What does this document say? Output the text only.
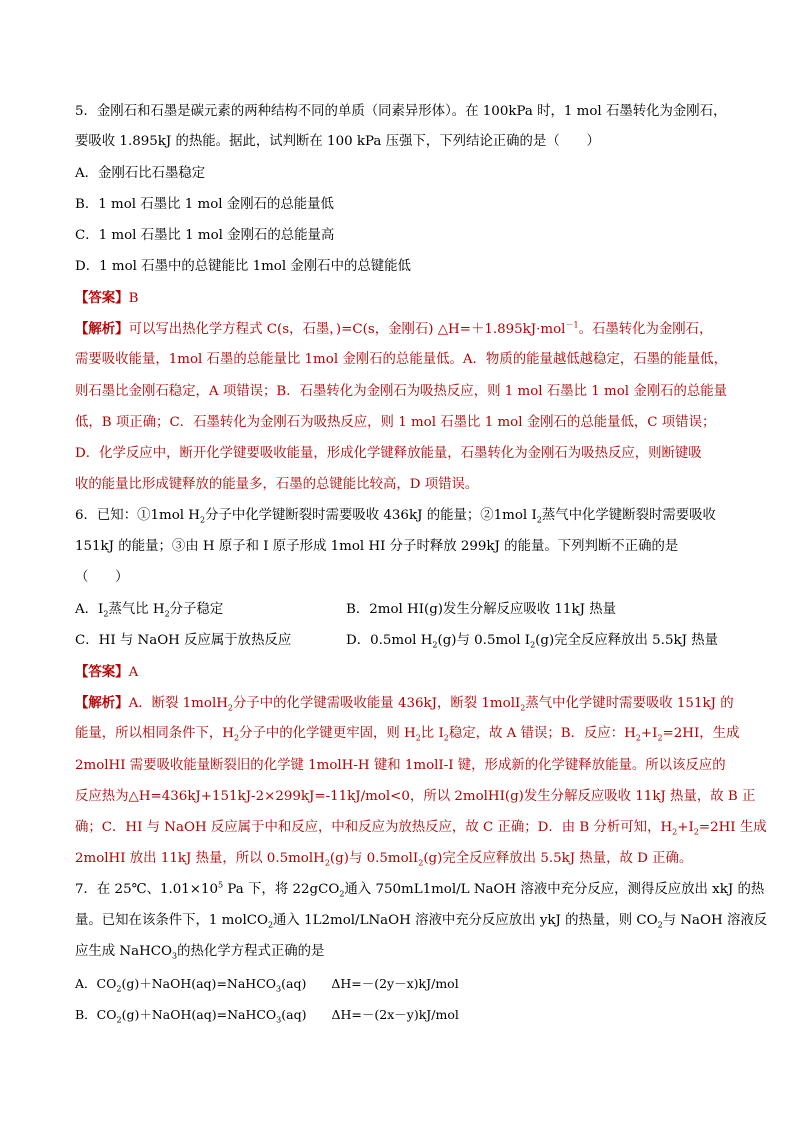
5．金刚石和石墨是碳元素的两种结构不同的单质（同素异形体）。在 100kPa 时，1 mol 石墨转化为金刚石，

要吸收 1.895kJ 的热能。据此，试判断在 100 kPa 压强下，下列结论正确的是（　　）

A．金刚石比石墨稳定

B．1 mol 石墨比 1 mol 金刚石的总能量低

C．1 mol 石墨比 1 mol 金刚石的总能量高

D．1 mol 石墨中的总键能比 1mol 金刚石中的总键能低

【答案】B

【解析】可以写出热化学方程式 C(s，石墨，)=C(s，金刚石) △H=＋1.895kJ·mol$^{-1}$。石墨转化为金刚石，

需要吸收能量，1mol 石墨的总能量比 1mol 金刚石的总能量低。A．物质的能量越低越稳定，石墨的能量低，

则石墨比金刚石稳定，A 项错误；B．石墨转化为金刚石为吸热反应，则 1 mol 石墨比 1 mol 金刚石的总能量

低，B 项正确；C．石墨转化为金刚石为吸热反应，则 1 mol 石墨比 1 mol 金刚石的总能量低，C 项错误；

D．化学反应中，断开化学键要吸收能量，形成化学键释放能量，石墨转化为金刚石为吸热反应，则断键吸

收的能量比形成键释放的能量多，石墨的总键能比较高，D 项错误。

6．已知：①1mol $H_2$分子中化学键断裂时需要吸收 436kJ 的能量；②1mol $I_2$蒸气中化学键断裂时需要吸收

151kJ 的能量；③由 H 原子和 I 原子形成 1mol HI 分子时释放 299kJ 的能量。下列判断不正确的是

（　　）

A．$I_2$蒸气比 $H_2$分子稳定	B．2mol HI(g)发生分解反应吸收 11kJ 热量

C．HI 与 NaOH 反应属于放热反应	D．0.5mol $H_2(g)$与 0.5mol $I_2(g)$完全反应释放出 5.5kJ 热量

【答案】A

【解析】A．断裂 1molH$_2$分子中的化学键需吸收能量 436kJ，断裂 1molI$_2$蒸气中化学键时需要吸收 151kJ 的

能量，所以相同条件下，$H_2$分子中的化学键更牢固，则 $H_2$比 $I_2$稳定，故 A 错误；B．反应：$H_2+I_2=2HI$，生成

2molHI 需要吸收能量断裂旧的化学键 1molH-H 键和 1molI-I 键，形成新的化学键释放能量。所以该反应的

反应热为△H=436kJ+151kJ-2×299kJ=-11kJ/mol<0，所以 2molHI(g)发生分解反应吸收 11kJ 热量，故 B 正

确；C．HI 与 NaOH 反应属于中和反应，中和反应为放热反应，故 C 正确；D．由 B 分析可知，$H_2+I_2=2HI$ 生成

2molHI 放出 11kJ 热量，所以 0.5molH$_2$(g)与 0.5molI$_2$(g)完全反应释放出 5.5kJ 热量，故 D 正确。

7．在 25℃、$1.01\times 10^5$ Pa 下，将 22gCO$_2$通入 750mL1mol/L NaOH 溶液中充分反应，测得反应放出 xkJ 的热

量。已知在该条件下，1 molCO$_2$通入 1L2mol/LNaOH 溶液中充分反应放出 ykJ 的热量，则 $CO_2$与 NaOH 溶液反

应生成 NaHCO$_3$的热化学方程式正确的是

A．$CO_2(g)+NaOH(aq)=NaHCO_3(aq)$　　ΔH=－(2y－x)kJ/mol

B．$CO_2(g)+NaOH(aq)=NaHCO_3(aq)$　　ΔH=－(2x－y)kJ/mol
